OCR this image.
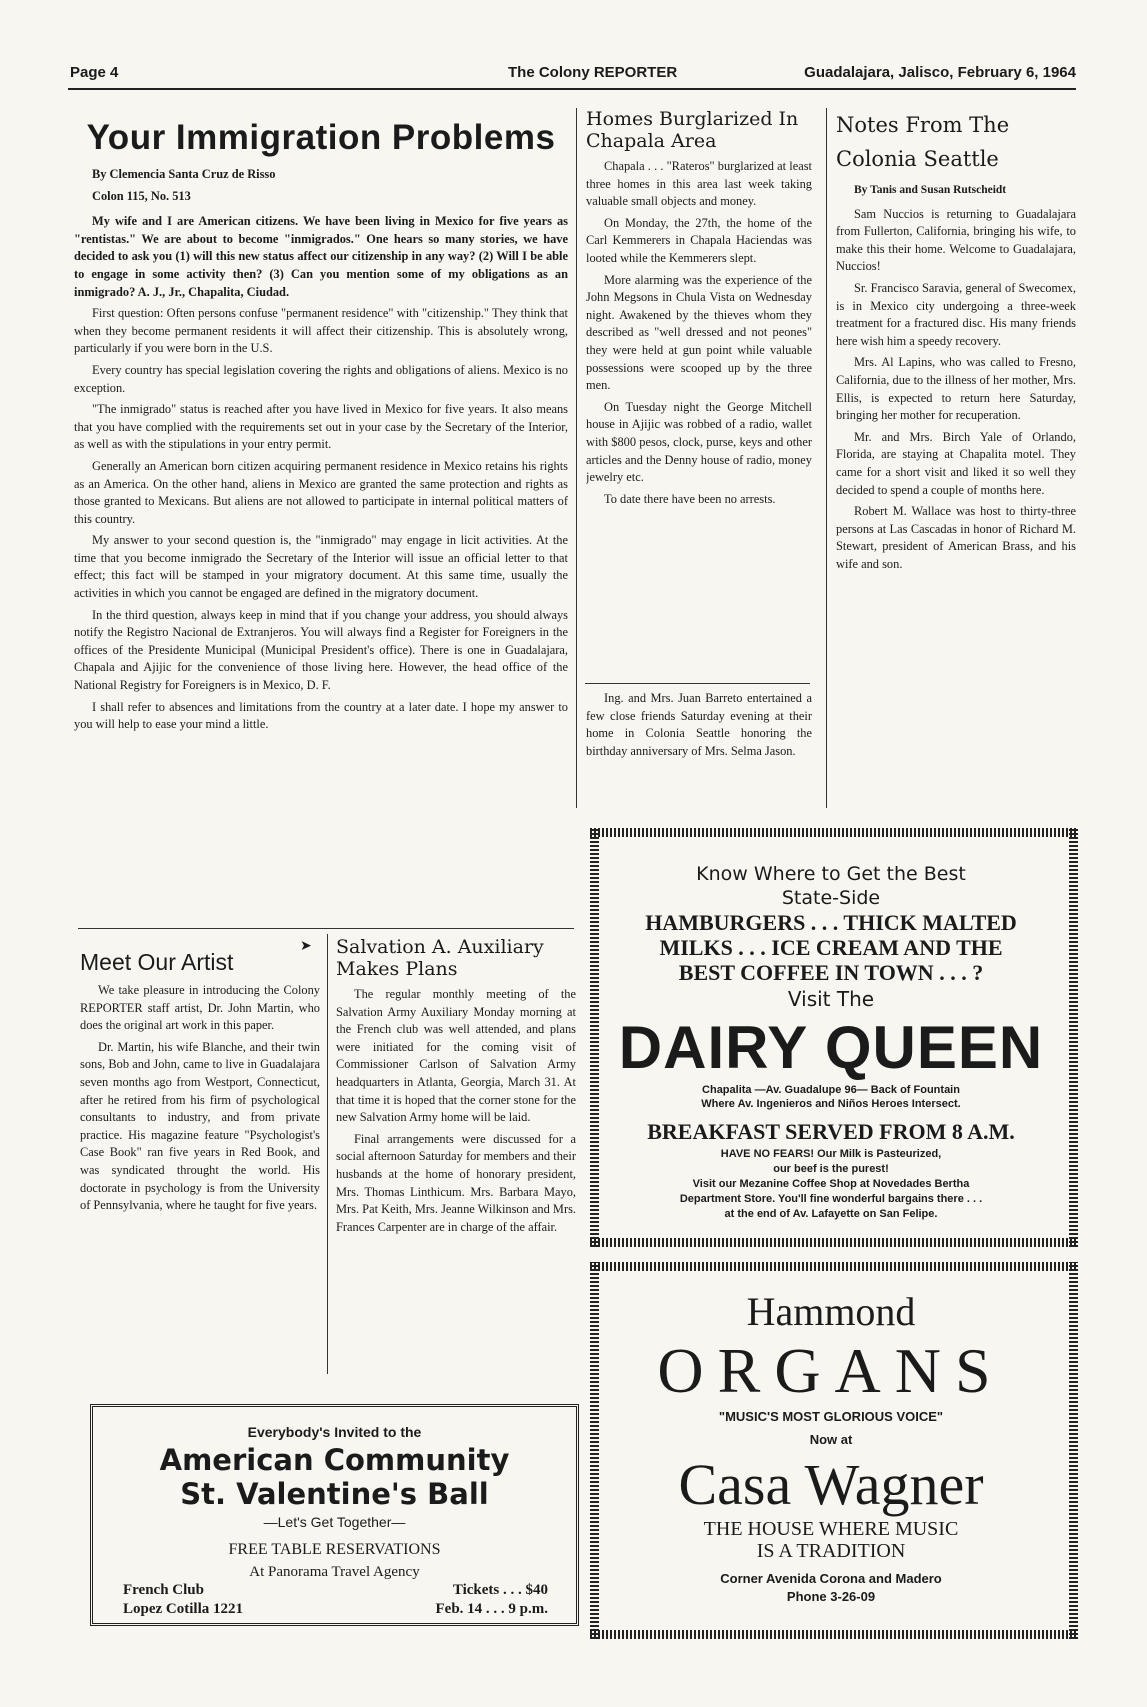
Page 4	The Colony REPORTER	Guadalajara, Jalisco, February 6, 1964
Your Immigration Problems

By Clemencia Santa Cruz de Risso

Colon 115, No. 513

My wife and I are American citizens. We have been living in Mexico for five years as "rentistas." We are about to become "inmigrados." One hears so many stories, we have decided to ask you (1) will this new status affect our citizenship in any way? (2) Will I be able to engage in some activity then? (3) Can you mention some of my obligations as an inmigrado? A. J., Jr., Chapalita, Ciudad.

First question: Often persons confuse "permanent residence" with "citizenship." They think that when they become permanent residents it will affect their citizenship. This is absolutely wrong, particularly if you were born in the U.S.

Every country has special legislation covering the rights and obligations of aliens. Mexico is no exception.

"The inmigrado" status is reached after you have lived in Mexico for five years. It also means that you have complied with the requirements set out in your case by the Secretary of the Interior, as well as with the stipulations in your entry permit.

Generally an American born citizen acquiring permanent residence in Mexico retains his rights as an America. On the other hand, aliens in Mexico are granted the same protection and rights as those granted to Mexicans. But aliens are not allowed to participate in internal political matters of this country.

My answer to your second question is, the "inmigrado" may engage in licit activities. At the time that you become inmigrado the Secretary of the Interior will issue an official letter to that effect; this fact will be stamped in your migratory document. At this same time, usually the activities in which you cannot be engaged are defined in the migratory document.

In the third question, always keep in mind that if you change your address, you should always notify the Registro Nacional de Extranjeros. You will always find a Register for Foreigners in the offices of the Presidente Municipal (Municipal President's office). There is one in Guadalajara, Chapala and Ajijic for the convenience of those living here. However, the head office of the National Registry for Foreigners is in Mexico, D. F.

I shall refer to absences and limitations from the country at a later date. I hope my answer to you will help to ease your mind a little.

Homes Burglarized In Chapala Area

Chapala . . . "Rateros" burglarized at least three homes in this area last week taking valuable small objects and money.

On Monday, the 27th, the home of the Carl Kemmerers in Chapala Haciendas was looted while the Kemmerers slept.

More alarming was the experience of the John Megsons in Chula Vista on Wednesday night. Awakened by the thieves whom they described as "well dressed and not peones" they were held at gun point while valuable possessions were scooped up by the three men.

On Tuesday night the George Mitchell house in Ajijic was robbed of a radio, wallet with $800 pesos, clock, purse, keys and other articles and the Denny house of radio, money jewelry etc.

To date there have been no arrests.

Ing. and Mrs. Juan Barreto entertained a few close friends Saturday evening at their home in Colonia Seattle honoring the birthday anniversary of Mrs. Selma Jason.

Notes From The Colonia Seattle

By Tanis and Susan Rutscheidt

Sam Nuccios is returning to Guadalajara from Fullerton, California, bringing his wife, to make this their home. Welcome to Guadalajara, Nuccios!

Sr. Francisco Saravia, general of Swecomex, is in Mexico city undergoing a three-week treatment for a fractured disc. His many friends here wish him a speedy recovery.

Mrs. Al Lapins, who was called to Fresno, California, due to the illness of her mother, Mrs. Ellis, is expected to return here Saturday, bringing her mother for recuperation.

Mr. and Mrs. Birch Yale of Orlando, Florida, are staying at Chapalita motel. They came for a short visit and liked it so well they decided to spend a couple of months here.

Robert M. Wallace was host to thirty-three persons at Las Cascadas in honor of Richard M. Stewart, president of American Brass, and his wife and son.

➤
Meet Our Artist

We take pleasure in introducing the Colony REPORTER staff artist, Dr. John Martin, who does the original art work in this paper.

Dr. Martin, his wife Blanche, and their twin sons, Bob and John, came to live in Guadalajara seven months ago from Westport, Connecticut, after he retired from his firm of psychological consultants to industry, and from private practice. His magazine feature "Psychologist's Case Book" ran five years in Red Book, and was syndicated throught the world. His doctorate in psychology is from the University of Pennsylvania, where he taught for five years.

Salvation A. Auxiliary Makes Plans

The regular monthly meeting of the Salvation Army Auxiliary Monday morning at the French club was well attended, and plans were initiated for the coming visit of Commissioner Carlson of Salvation Army headquarters in Atlanta, Georgia, March 31. At that time it is hoped that the corner stone for the new Salvation Army home will be laid.

Final arrangements were discussed for a social afternoon Saturday for members and their husbands at the home of honorary president, Mrs. Thomas Linthicum. Mrs. Barbara Mayo, Mrs. Pat Keith, Mrs. Jeanne Wilkinson and Mrs. Frances Carpenter are in charge of the affair.

Know Where to Get the Best
State-Side
HAMBURGERS . . . THICK MALTED
MILKS . . . ICE CREAM AND THE
BEST COFFEE IN TOWN . . . ?
Visit The
DAIRY QUEEN
Chapalita —Av. Guadalupe 96— Back of Fountain
Where Av. Ingenieros and Niños Heroes Intersect.
BREAKFAST SERVED FROM 8 A.M.
HAVE NO FEARS! Our Milk is Pasteurized,
our beef is the purest!
Visit our Mezanine Coffee Shop at Novedades Bertha
Department Store. You'll fine wonderful bargains there . . .
at the end of Av. Lafayette on San Felipe.
Hammond
ORGANS
"MUSIC'S MOST GLORIOUS VOICE"
Now at
Casa Wagner
THE HOUSE WHERE MUSIC
IS A TRADITION
Corner Avenida Corona and Madero
Phone 3-26-09
Everybody's Invited to the
American Community
St. Valentine's Ball
—Let's Get Together—
FREE TABLE RESERVATIONS
At Panorama Travel Agency
French Club
Lopez Cotilla 1221
Tickets . . . $40
Feb. 14 . . . 9 p.m.
